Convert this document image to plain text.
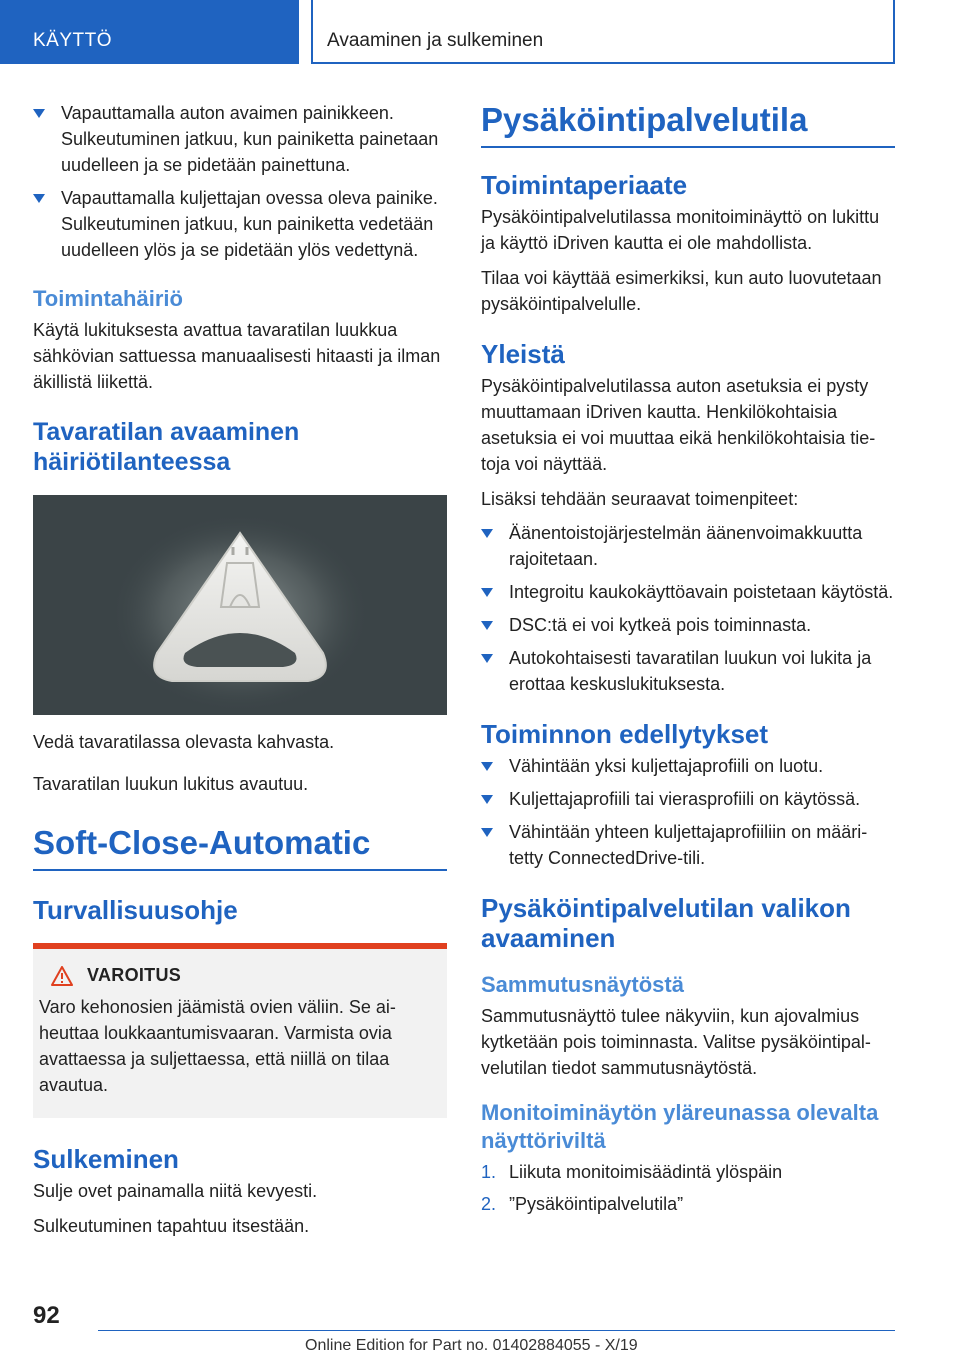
KÄYTTÖ	Avaaminen ja sulkeminen
Vapauttamalla auton avaimen painikkeen. Sulkeutuminen jatkuu, kun painiketta painetaan uudelleen ja se pidetään painettuna.
Vapauttamalla kuljettajan ovessa oleva painike. Sulkeutuminen jatkuu, kun painiketta vedetään uudelleen ylös ja se pidetään ylös vedettynä.
Toimintahäiriö

Käytä lukituksesta avattua tavaratilan luukkua sähkövian sattuessa manuaalisesti hitaasti ja ilman äkillistä liikettä.

Tavaratilan avaaminen häiriötilanteessa

Vedä tavaratilassa olevasta kahvasta.

Tavaratilan luukun lukitus avautuu.

Soft-Close-Automatic
Turvallisuusohje
VAROITUS

Varo kehonosien jäämistä ovien väliin. Se aiheuttaa loukkaantumisvaaran. Varmista ovia avattaessa ja suljettaessa, että niillä on tilaa avautua.

Sulkeminen

Sulje ovet painamalla niitä kevyesti.

Sulkeutuminen tapahtuu itsestään.

Pysäköintipalvelutila
Toimintaperiaate

Pysäköintipalvelutilassa monitoiminäyttö on lukittu ja käyttö iDriven kautta ei ole mahdollista.

Tilaa voi käyttää esimerkiksi, kun auto luovutetaan pysäköintipalvelulle.

Yleistä

Pysäköintipalvelutilassa auton asetuksia ei pysty muuttamaan iDriven kautta. Henkilökohtaisia asetuksia ei voi muuttaa eikä henkilökohtaisia tietoja voi näyttää.

Lisäksi tehdään seuraavat toimenpiteet:

Äänentoistojärjestelmän äänenvoimakkuutta rajoitetaan.
Integroitu kaukokäyttöavain poistetaan käytöstä.
DSC:tä ei voi kytkeä pois toiminnasta.
Autokohtaisesti tavaratilan luukun voi lukita ja erottaa keskuslukituksesta.
Toiminnon edellytykset
Vähintään yksi kuljettajaprofiili on luotu.
Kuljettajaprofiili tai vierasprofiili on käytössä.
Vähintään yhteen kuljettajaprofiiliin on määritetty ConnectedDrive-tili.
Pysäköintipalvelutilan valikon avaaminen
Sammutusnäytöstä

Sammutusnäyttö tulee näkyviin, kun ajovalmius kytketään pois toiminnasta. Valitse pysäköintipalvelutilan tiedot sammutusnäytöstä.

Monitoiminäytön yläreunassa olevalta näyttöriviltä
1. Liikuta monitoimisäädintä ylöspäin
2. ”Pysäköintipalvelutila”
92
Online Edition for Part no. 01402884055 - X/19
